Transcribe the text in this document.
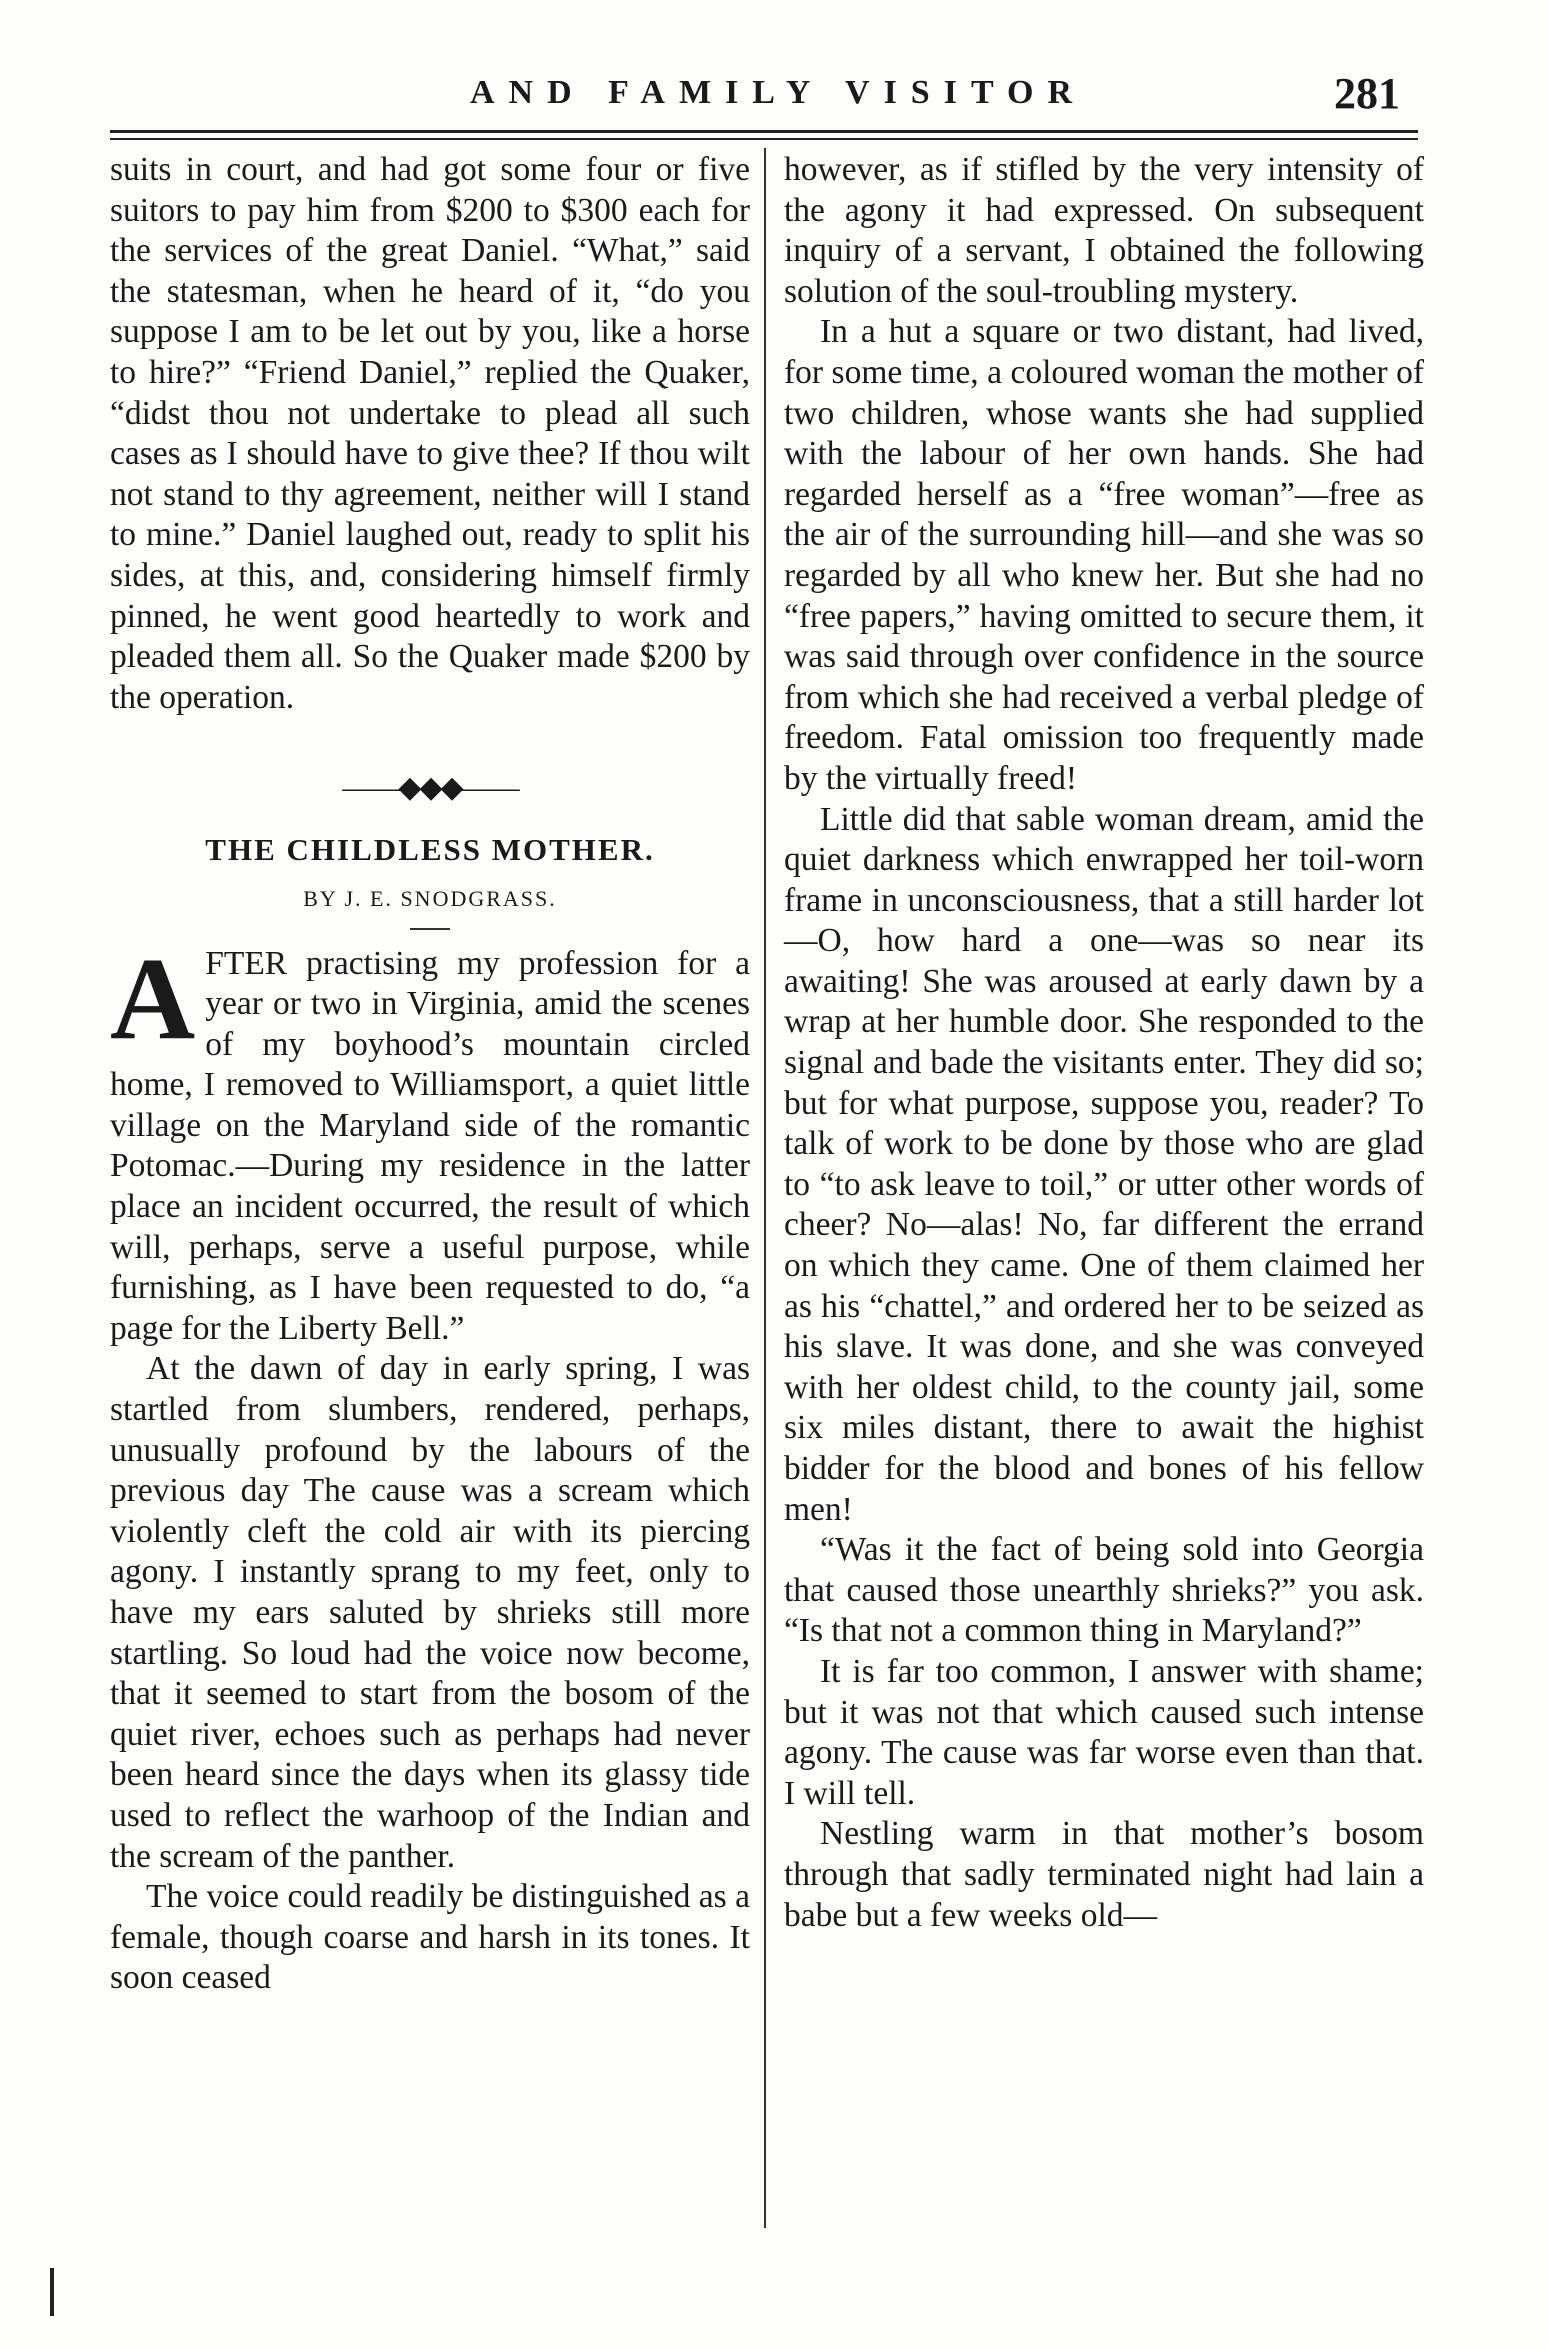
AND FAMILY VISITOR	281

suits in court, and had got some four or five suitors to pay him from $200 to $300 each for the services of the great Daniel. “What,” said the statesman, when he heard of it, “do you suppose I am to be let out by you, like a horse to hire?” “Friend Daniel,” replied the Quaker, “didst thou not undertake to plead all such cases as I should have to give thee? If thou wilt not stand to thy agreement, neither will I stand to mine.” Daniel laughed out, ready to split his sides, at this, and, considering himself firmly pinned, he went good heartedly to work and pleaded them all. So the Quaker made $200 by the operation.

——◆◆◆——
THE CHILDLESS MOTHER.
BY J. E. SNODGRASS.

A FTER practising my profession for a year or two in Virginia, amid the scenes of my boyhood’s mountain circled home, I removed to Williamsport, a quiet little village on the Maryland side of the romantic Potomac.—During my residence in the latter place an incident occurred, the result of which will, perhaps, serve a useful purpose, while furnishing, as I have been requested to do, “a page for the Liberty Bell.”

At the dawn of day in early spring, I was startled from slumbers, rendered, perhaps, unusually profound by the labours of the previous day The cause was a scream which violently cleft the cold air with its piercing agony. I instantly sprang to my feet, only to have my ears saluted by shrieks still more startling. So loud had the voice now become, that it seemed to start from the bosom of the quiet river, echoes such as perhaps had never been heard since the days when its glassy tide used to reflect the warhoop of the Indian and the scream of the panther.

The voice could readily be distinguished as a female, though coarse and harsh in its tones. It soon ceased

however, as if stifled by the very intensity of the agony it had expressed. On subsequent inquiry of a servant, I obtained the following solution of the soul-troubling mystery.

In a hut a square or two distant, had lived, for some time, a coloured woman the mother of two children, whose wants she had supplied with the labour of her own hands. She had regarded herself as a “free woman”—free as the air of the surrounding hill—and she was so regarded by all who knew her. But she had no “free papers,” having omitted to secure them, it was said through over confidence in the source from which she had received a verbal pledge of freedom. Fatal omission too frequently made by the virtually freed!

Little did that sable woman dream, amid the quiet darkness which enwrapped her toil-worn frame in unconsciousness, that a still harder lot—O, how hard a one—was so near its awaiting! She was aroused at early dawn by a wrap at her humble door. She responded to the signal and bade the visitants enter. They did so; but for what purpose, suppose you, reader? To talk of work to be done by those who are glad to “to ask leave to toil,” or utter other words of cheer? No—alas! No, far different the errand on which they came. One of them claimed her as his “chattel,” and ordered her to be seized as his slave. It was done, and she was conveyed with her oldest child, to the county jail, some six miles distant, there to await the highist bidder for the blood and bones of his fellow men!

“Was it the fact of being sold into Georgia that caused those unearthly shrieks?” you ask. “Is that not a common thing in Maryland?”

It is far too common, I answer with shame; but it was not that which caused such intense agony. The cause was far worse even than that. I will tell.

Nestling warm in that mother’s bosom through that sadly terminated night had lain a babe but a few weeks old—
